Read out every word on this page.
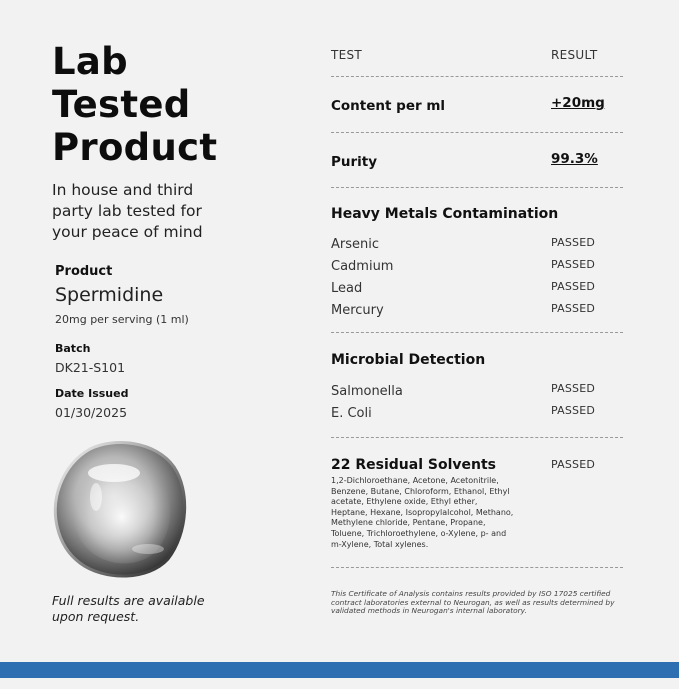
Lab
Tested
Product
In house and third
party lab tested for
your peace of mind
Product
Spermidine
20mg per serving (1 ml)
Batch
DK21-S101
Date Issued
01/30/2025
Full results are available
upon request.
TEST	RESULT
Content per ml	+20mg
Purity	99.3%
Heavy Metals Contamination
Arsenic	PASSED
Cadmium	PASSED
Lead	PASSED
Mercury	PASSED
Microbial Detection
Salmonella	PASSED
E. Coli	PASSED
22 Residual Solvents	PASSED
1,2-Dichloroethane, Acetone, Acetonitrile, Benzene, Butane, Chloroform, Ethanol, Ethyl acetate, Ethylene oxide, Ethyl ether, Heptane, Hexane, Isopropylalcohol, Methano, Methylene chloride, Pentane, Propane, Toluene, Trichloroethylene, o-Xylene, p- and m-Xylene, Total xylenes.
This Certificate of Analysis contains results provided by ISO 17025 certified contract laboratories external to Neurogan, as well as results determined by validated methods in Neurogan's internal laboratory.
